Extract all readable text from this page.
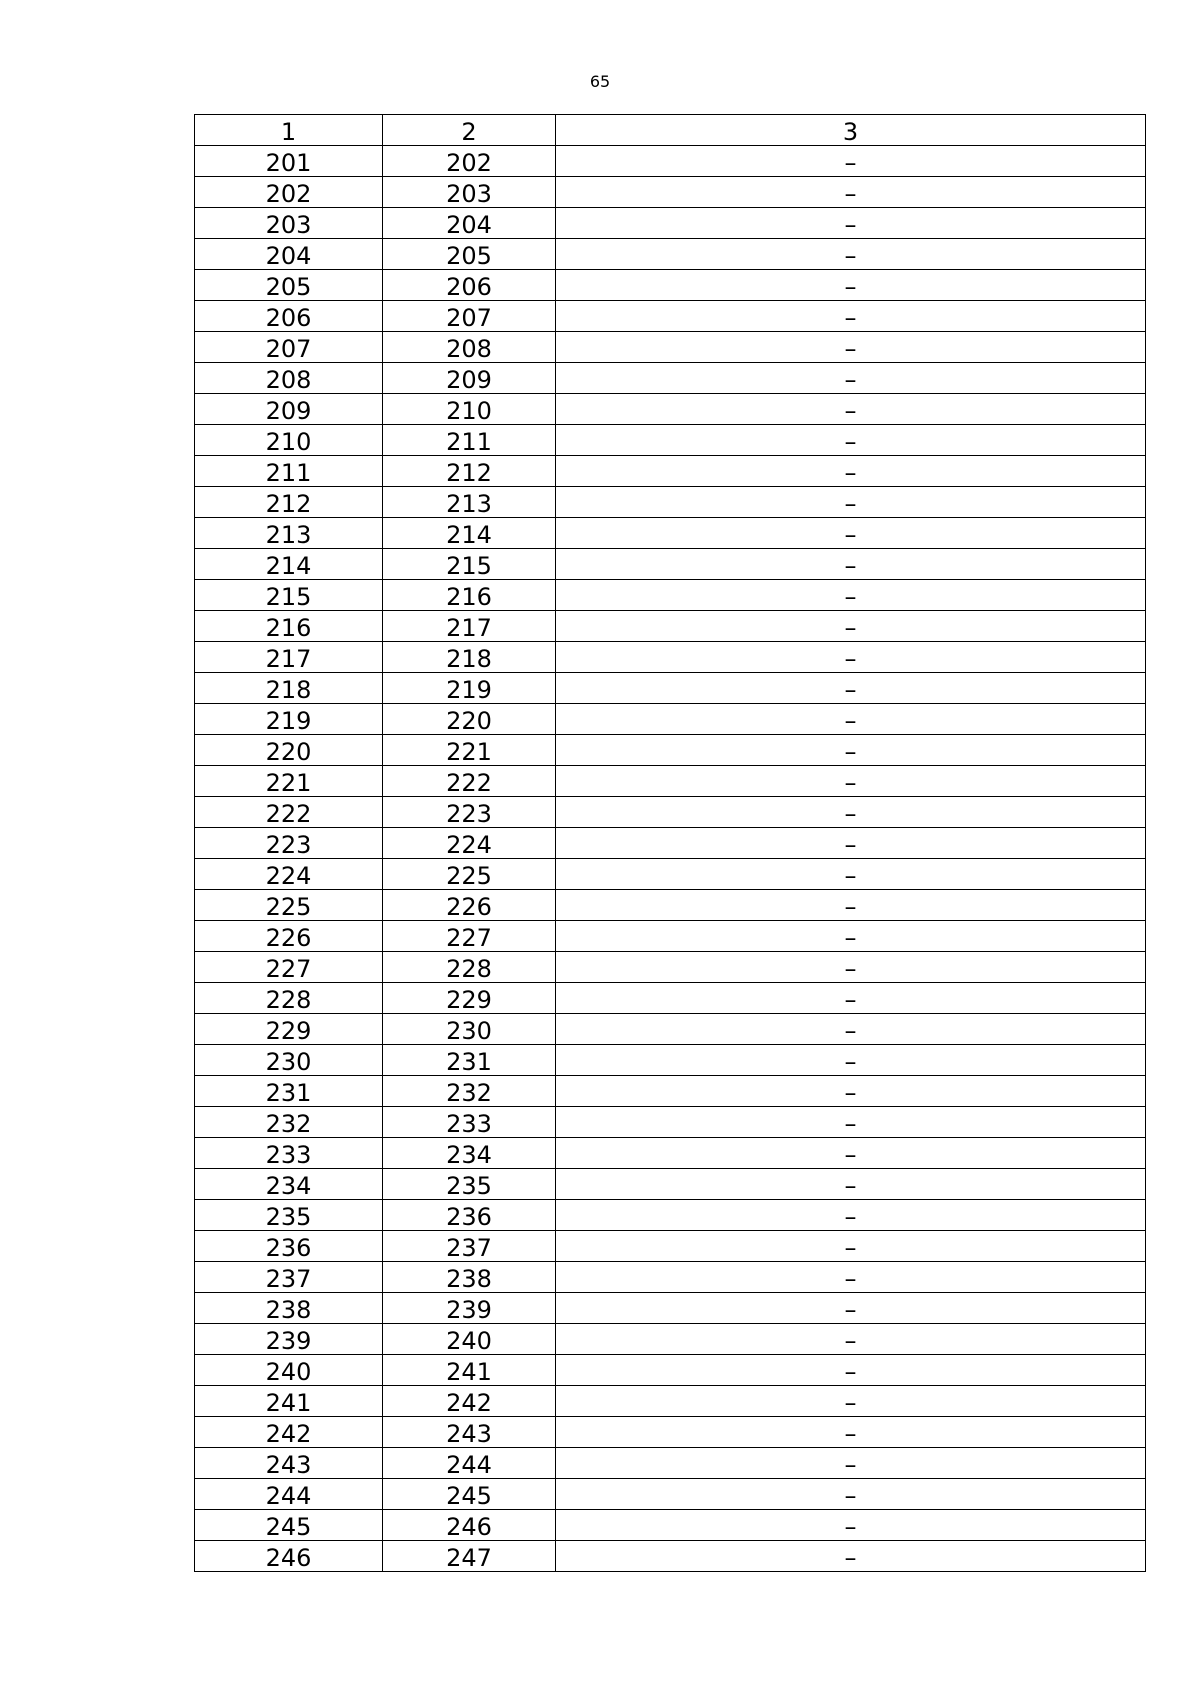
65
1	2	3
201	202	–
202	203	–
203	204	–
204	205	–
205	206	–
206	207	–
207	208	–
208	209	–
209	210	–
210	211	–
211	212	–
212	213	–
213	214	–
214	215	–
215	216	–
216	217	–
217	218	–
218	219	–
219	220	–
220	221	–
221	222	–
222	223	–
223	224	–
224	225	–
225	226	–
226	227	–
227	228	–
228	229	–
229	230	–
230	231	–
231	232	–
232	233	–
233	234	–
234	235	–
235	236	–
236	237	–
237	238	–
238	239	–
239	240	–
240	241	–
241	242	–
242	243	–
243	244	–
244	245	–
245	246	–
246	247	–
